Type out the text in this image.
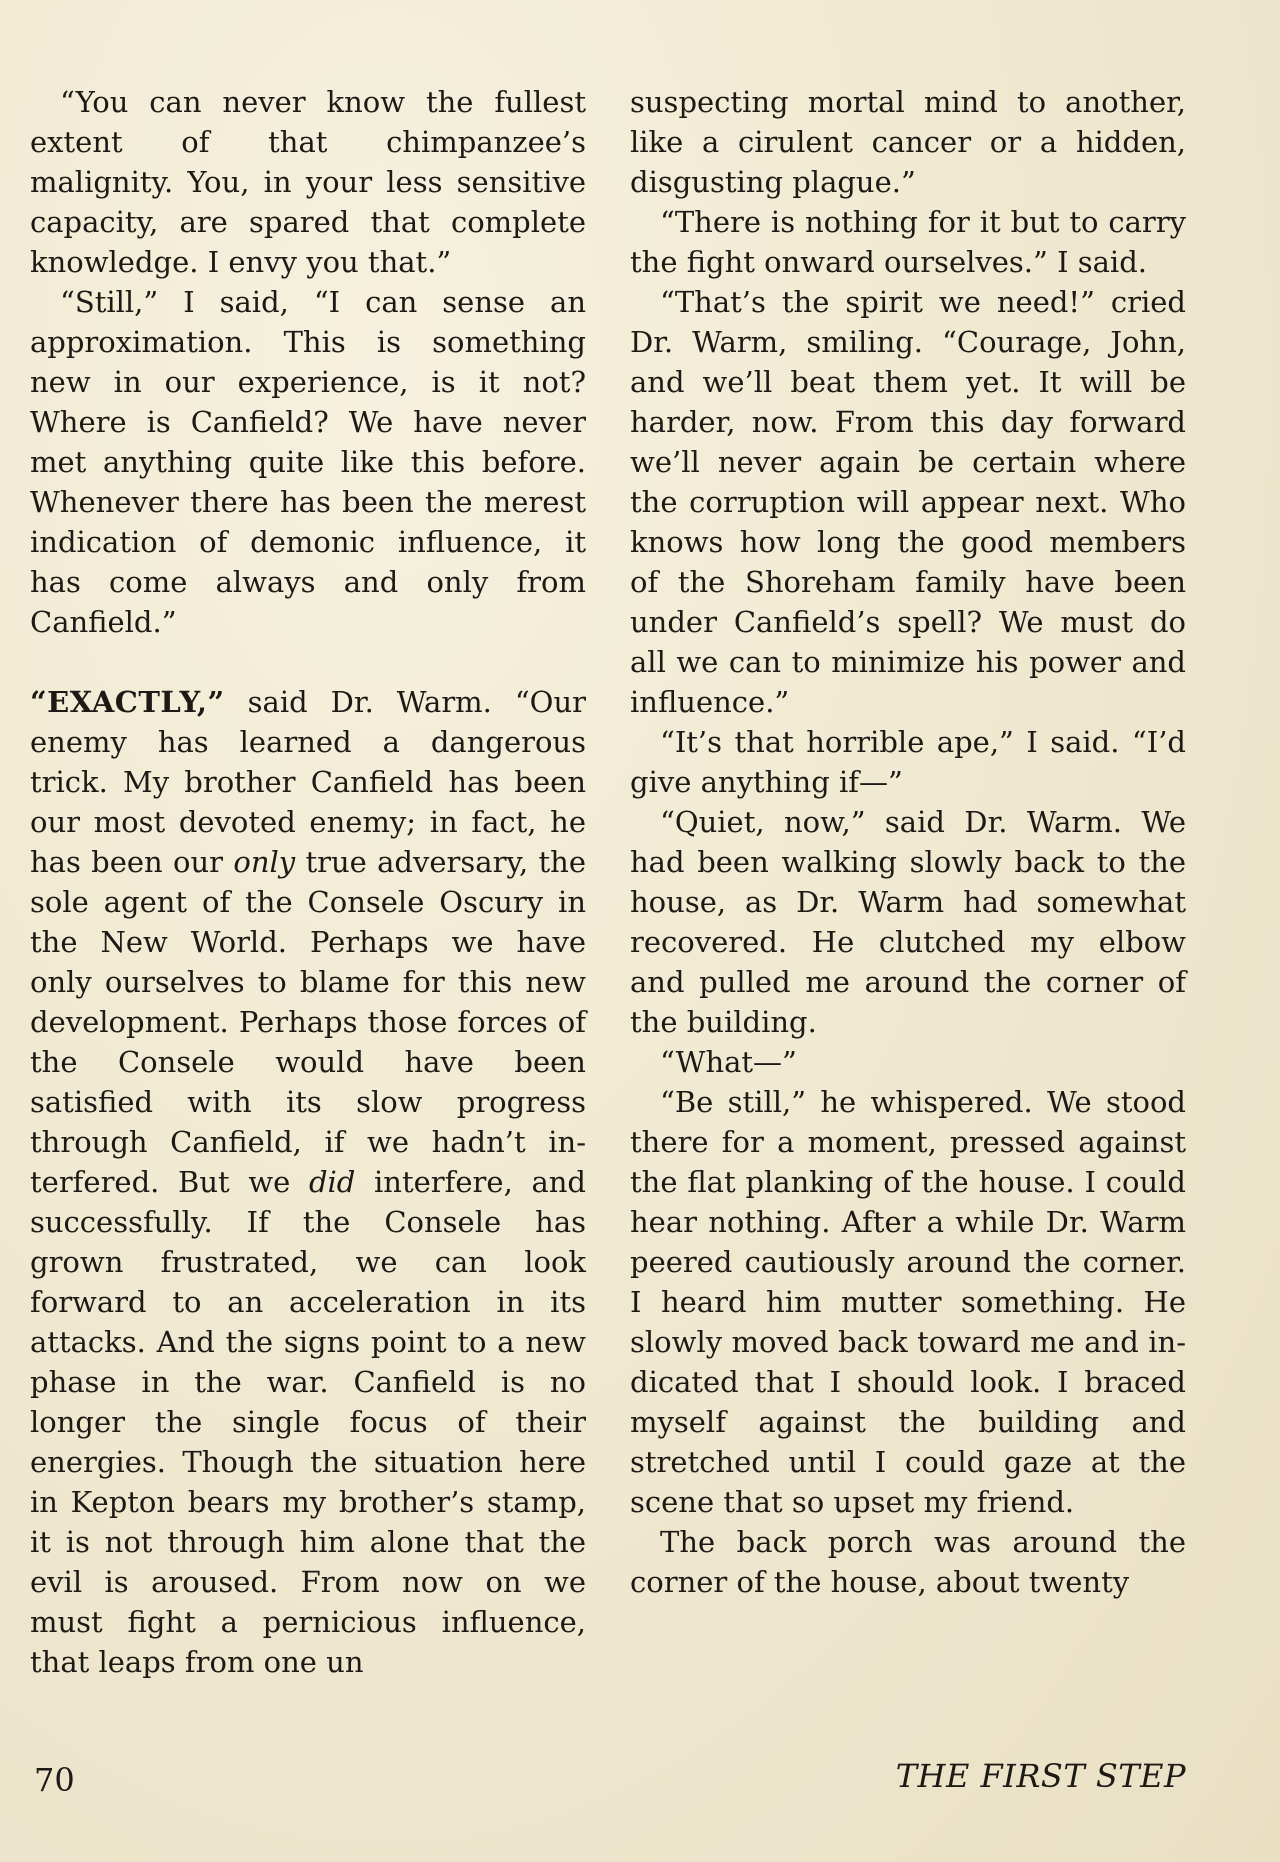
“You can never know the fullest extent of that chimpanzee’s malignity. You, in your less sensitive capacity, are spared that complete knowledge. I envy you that.”

“Still,” I said, “I can sense an approximation. This is something new in our experience, is it not? Where is Canfield? We have never met anything quite like this before. Whenever there has been the merest indication of demonic influence, it has come always and only from Canfield.”

“EXACTLY,” said Dr. Warm. “Our enemy has learned a dangerous trick. My brother Canfield has been our most devoted enemy; in fact, he has been our only true adversary, the sole agent of the Consele Oscury in the New World. Perhaps we have only ourselves to blame for this new development. Perhaps those forces of the Consele would have been satisfied with its slow progress through Canfield, if we hadn’t interfered. But we did interfere, and successfully. If the Consele has grown frustrated, we can look forward to an acceleration in its attacks. And the signs point to a new phase in the war. Canfield is no longer the single focus of their energies. Though the situation here in Kepton bears my brother’s stamp, it is not through him alone that the evil is aroused. From now on we must fight a pernicious influence, that leaps from one un

suspecting mortal mind to another, like a cirulent cancer or a hidden, disgusting plague.”

“There is nothing for it but to carry the fight onward ourselves.” I said.

“That’s the spirit we need!” cried Dr. Warm, smiling. “Courage, John, and we’ll beat them yet. It will be harder, now. From this day forward we’ll never again be certain where the corruption will appear next. Who knows how long the good members of the Shoreham family have been under Canfield’s spell? We must do all we can to minimize his power and influence.”

“It’s that horrible ape,” I said. “I’d give anything if—”

“Quiet, now,” said Dr. Warm. We had been walking slowly back to the house, as Dr. Warm had somewhat recovered. He clutched my elbow and pulled me around the corner of the building.

“What—”

“Be still,” he whispered. We stood there for a moment, pressed against the flat planking of the house. I could hear nothing. After a while Dr. Warm peered cautiously around the corner. I heard him mutter something. He slowly moved back toward me and indicated that I should look. I braced myself against the building and stretched until I could gaze at the scene that so upset my friend.

The back porch was around the corner of the house, about twenty

70	THE FIRST STEP
